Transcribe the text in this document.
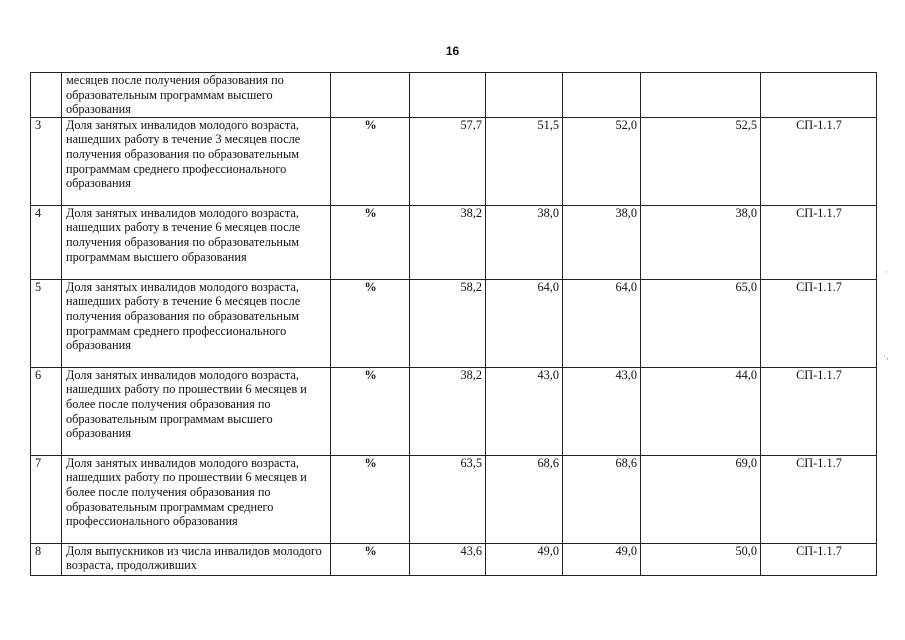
16
	месяцев после получения образования по образовательным программам высшего образования						
3	Доля занятых инвалидов молодого возраста, нашедших работу в течение 3 месяцев после получения образования по образовательным программам среднего профессионального образования	%	57,7	51,5	52,0	52,5	СП-1.1.7
4	Доля занятых инвалидов молодого возраста, нашедших работу в течение 6 месяцев после получения образования по образовательным программам высшего образования	%	38,2	38,0	38,0	38,0	СП-1.1.7
5	Доля занятых инвалидов молодого возраста, нашедших работу в течение 6 месяцев после получения образования по образовательным программам среднего профессионального образования	%	58,2	64,0	64,0	65,0	СП-1.1.7
6	Доля занятых инвалидов молодого возраста, нашедших работу по прошествии 6 месяцев и более после получения образования по образовательным программам высшего образования	%	38,2	43,0	43,0	44,0	СП-1.1.7
7	Доля занятых инвалидов молодого возраста, нашедших работу по прошествии 6 месяцев и более после получения образования по образовательным программам среднего профессионального образования	%	63,5	68,6	68,6	69,0	СП-1.1.7
8	Доля выпускников из числа инвалидов молодого возраста, продолживших	%	43,6	49,0	49,0	50,0	СП-1.1.7
·
·,
